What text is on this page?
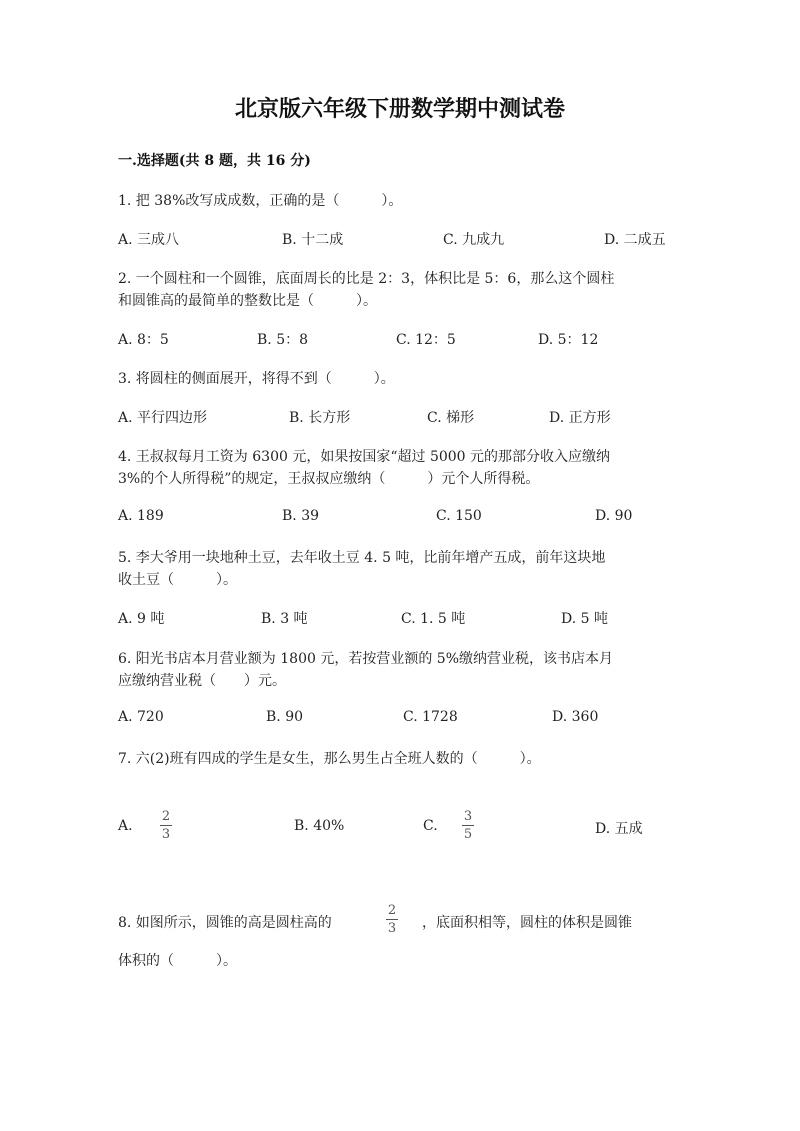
北京版六年级下册数学期中测试卷
一.选择题(共 8 题，共 16 分)
1. 把 38%改写成成数，正确的是（　　　）。
A. 三成八	B. 十二成	C. 九成九	D. 二成五
2. 一个圆柱和一个圆锥，底面周长的比是 2：3，体积比是 5：6，那么这个圆柱
和圆锥高的最简单的整数比是（　　　）。
A. 8：5	B. 5：8	C. 12：5	D. 5：12
3. 将圆柱的侧面展开，将得不到（　　　）。
A. 平行四边形	B. 长方形	C. 梯形	D. 正方形
4. 王叔叔每月工资为 6300 元，如果按国家“超过 5000 元的那部分收入应缴纳
3%的个人所得税”的规定，王叔叔应缴纳（　　　）元个人所得税。
A. 189	B. 39	C. 150	D. 90
5. 李大爷用一块地种土豆，去年收土豆 4. 5 吨，比前年增产五成，前年这块地
收土豆（　　　）。
A. 9 吨	B. 3 吨	C. 1. 5 吨	D. 5 吨
6. 阳光书店本月营业额为 1800 元，若按营业额的 5%缴纳营业税，该书店本月
应缴纳营业税（　　）元。
A. 720	B. 90	C. 1728	D. 360
7. 六(2)班有四成的学生是女生，那么男生占全班人数的（　　　）。
A.
2
3
B. 40%	C.
3
5	D. 五成
8. 如图所示，圆锥的高是圆柱高的
2
3 ，底面积相等，圆柱的体积是圆锥
体积的（　　　）。
